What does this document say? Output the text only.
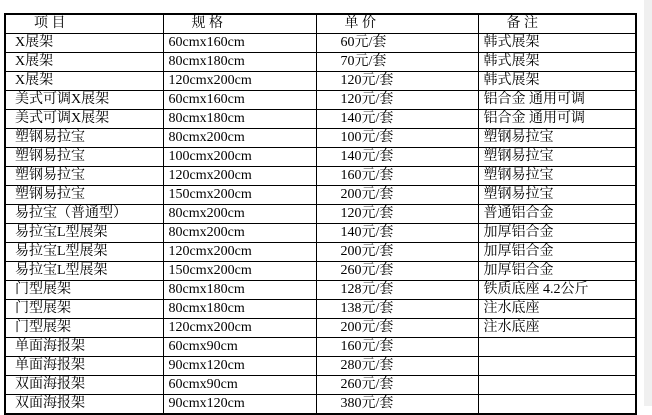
项 目	规 格	单 价	备 注
X展架	60cmx160cm	60元/套	韩式展架
X展架	80cmx180cm	70元/套	韩式展架
X展架	120cmx200cm	120元/套	韩式展架
美式可调X展架	60cmx160cm	120元/套	铝合金 通用可调
美式可调X展架	80cmx180cm	140元/套	铝合金 通用可调
塑钢易拉宝	80cmx200cm	100元/套	塑钢易拉宝
塑钢易拉宝	100cmx200cm	140元/套	塑钢易拉宝
塑钢易拉宝	120cmx200cm	160元/套	塑钢易拉宝
塑钢易拉宝	150cmx200cm	200元/套	塑钢易拉宝
易拉宝（普通型）	80cmx200cm	120元/套	普通铝合金
易拉宝L型展架	80cmx200cm	140元/套	加厚铝合金
易拉宝L型展架	120cmx200cm	200元/套	加厚铝合金
易拉宝L型展架	150cmx200cm	260元/套	加厚铝合金
门型展架	80cmx180cm	128元/套	铁质底座 4.2公斤
门型展架	80cmx180cm	138元/套	注水底座
门型展架	120cmx200cm	200元/套	注水底座
单面海报架	60cmx90cm	160元/套	
单面海报架	90cmx120cm	280元/套	
双面海报架	60cmx90cm	260元/套	
双面海报架	90cmx120cm	380元/套	
